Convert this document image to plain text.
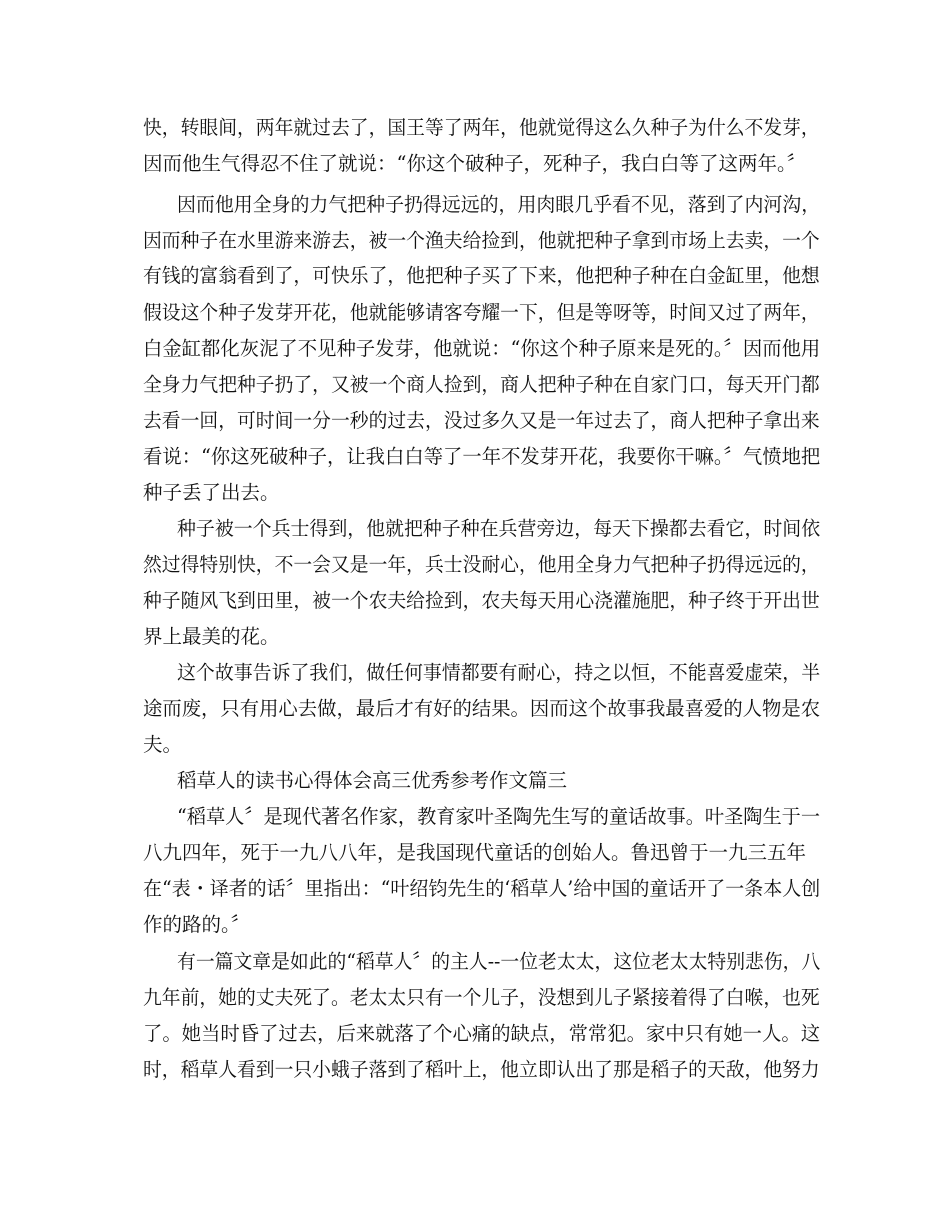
快，转眼间，两年就过去了，国王等了两年，他就觉得这么久种子为什么不发芽，
因而他生气得忍不住了就说：“你这个破种子，死种子，我白白等了这两年。〞
因而他用全身的力气把种子扔得远远的，用肉眼几乎看不见，落到了内河沟，
因而种子在水里游来游去，被一个渔夫给捡到，他就把种子拿到市场上去卖，一个
有钱的富翁看到了，可快乐了，他把种子买了下来，他把种子种在白金缸里，他想
假设这个种子发芽开花，他就能够请客夸耀一下，但是等呀等，时间又过了两年，
白金缸都化灰泥了不见种子发芽，他就说：“你这个种子原来是死的。〞因而他用
全身力气把种子扔了，又被一个商人捡到，商人把种子种在自家门口，每天开门都
去看一回，可时间一分一秒的过去，没过多久又是一年过去了，商人把种子拿出来
看说：“你这死破种子，让我白白等了一年不发芽开花，我要你干嘛。〞气愤地把
种子丢了出去。
种子被一个兵士得到，他就把种子种在兵营旁边，每天下操都去看它，时间依
然过得特别快，不一会又是一年，兵士没耐心，他用全身力气把种子扔得远远的，
种子随风飞到田里，被一个农夫给捡到，农夫每天用心浇灌施肥，种子终于开出世
界上最美的花。
这个故事告诉了我们，做任何事情都要有耐心，持之以恒，不能喜爱虚荣，半
途而废，只有用心去做，最后才有好的结果。因而这个故事我最喜爱的人物是农
夫。
稻草人的读书心得体会高三优秀参考作文篇三
“稻草人〞是现代著名作家，教育家叶圣陶先生写的童话故事。叶圣陶生于一
八九四年，死于一九八八年，是我国现代童话的创始人。鲁迅曾于一九三五年
在“表・译者的话〞里指出：“叶绍钧先生的‘稻草人’给中国的童话开了一条本人创
作的路的。〞
有一篇文章是如此的“稻草人〞的主人--一位老太太，这位老太太特别悲伤，八
九年前，她的丈夫死了。老太太只有一个儿子，没想到儿子紧接着得了白喉，也死
了。她当时昏了过去，后来就落了个心痛的缺点，常常犯。家中只有她一人。这
时，稻草人看到一只小蛾子落到了稻叶上，他立即认出了那是稻子的天敌，他努力
